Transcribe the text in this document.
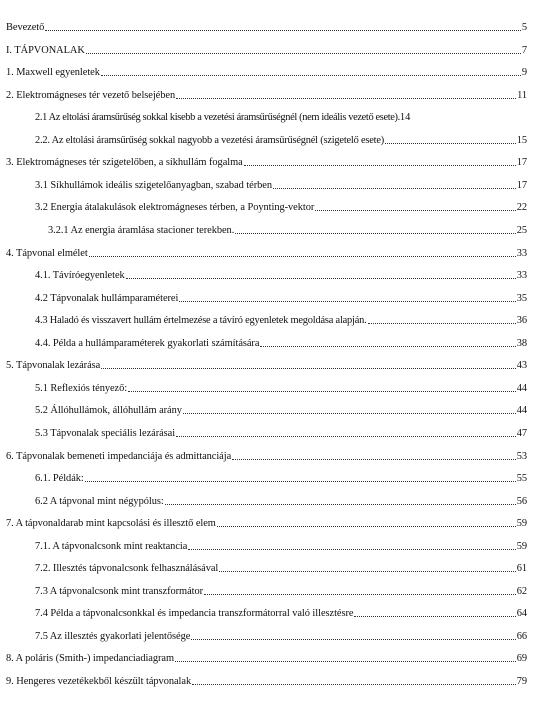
Bevezető	5
I. TÁPVONALAK	7
1. Maxwell egyenletek	9
2. Elektromágneses tér vezető belsejében	11
2.1 Az eltolási áramsűrűség sokkal kisebb a vezetési áramsűrűségnél (nem ideális vezető esete). 14
2.2. Az eltolási áramsűrűség sokkal nagyobb a vezetési áramsűrűségnél (szigetelő esete)	15
3. Elektromágneses tér szigetelőben, a síkhullám fogalma	17
3.1 Síkhullámok ideális szigetelőanyagban, szabad térben	17
3.2 Energia átalakulások elektromágneses térben, a Poynting-vektor	22
3.2.1 Az energia áramlása stacioner terekben.	25
4. Tápvonal elmélet	33
4.1. Távíróegyenletek	33
4.2 Tápvonalak hullámparaméterei	35
4.3 Haladó és visszavert hullám értelmezése a távíró egyenletek megoldása alapján.	36
4.4. Példa a hullámparaméterek gyakorlati számítására	38
5. Tápvonalak lezárása	43
5.1 Reflexiós tényező:	44
5.2 Állóhullámok, állóhullám arány	44
5.3 Tápvonalak speciális lezárásai	47
6. Tápvonalak bemeneti impedanciája és admittanciája	53
6.1. Példák:	55
6.2 A tápvonal mint négypólus:	56
7. A tápvonaldarab mint kapcsolási és illesztő elem	59
7.1. A tápvonalcsonk mint reaktancia	59
7.2. Illesztés tápvonalcsonk felhasználásával	61
7.3 A tápvonalcsonk mint transzformátor	62
7.4 Példa a tápvonalcsonkkal és impedancia transzformátorral való illesztésre	64
7.5 Az illesztés gyakorlati jelentősége	66
8. A poláris (Smith-) impedanciadiagram	69
9. Hengeres vezetékekből készült tápvonalak	79
